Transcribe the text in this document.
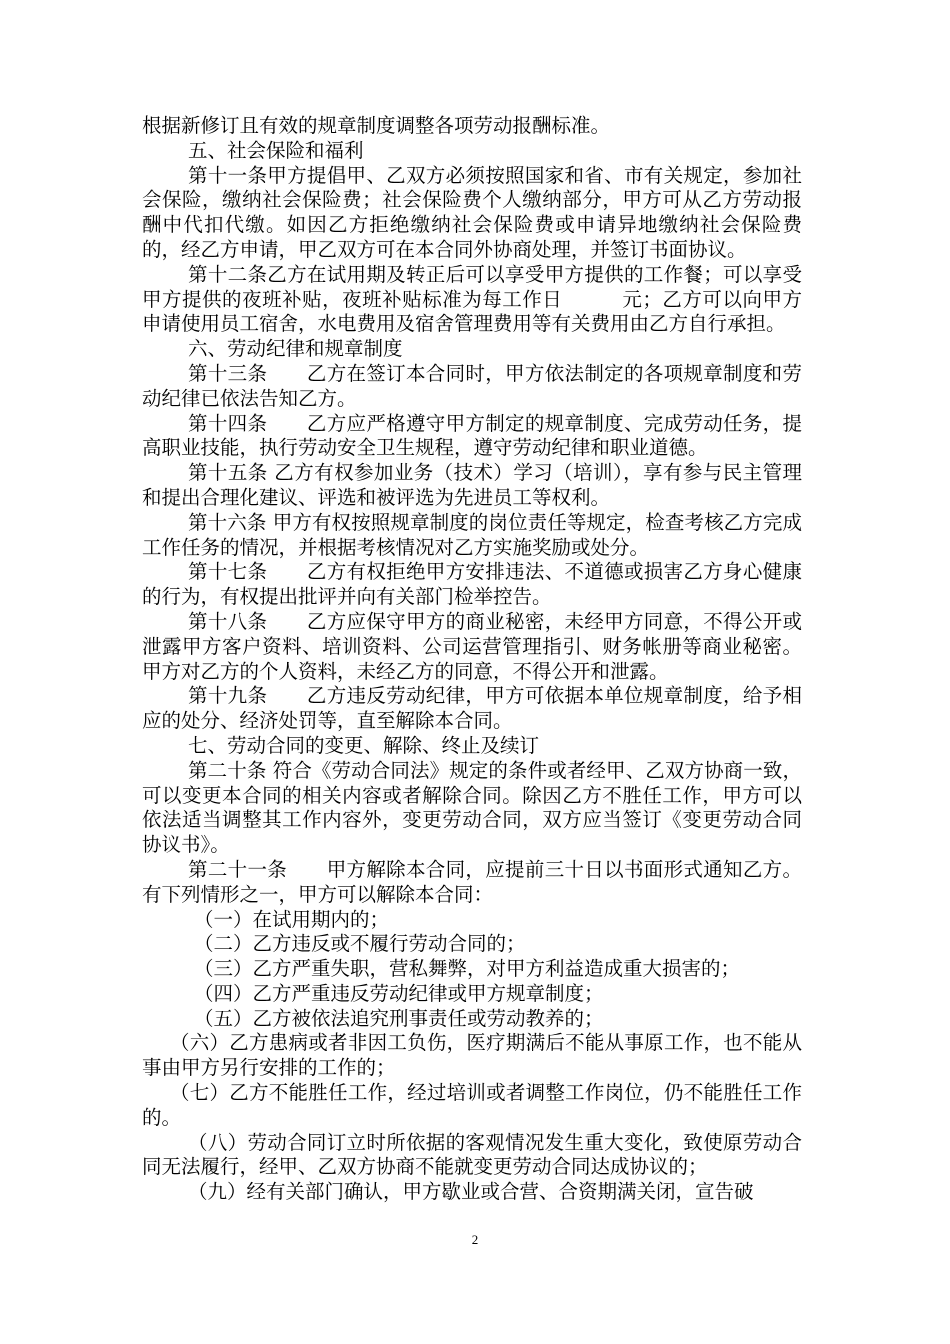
根据新修订且有效的规章制度调整各项劳动报酬标准。

五、社会保险和福利

第十一条甲方提倡甲、乙双方必须按照国家和省、市有关规定，参加社会保险，缴纳社会保险费；社会保险费个人缴纳部分，甲方可从乙方劳动报酬中代扣代缴。如因乙方拒绝缴纳社会保险费或申请异地缴纳社会保险费的，经乙方申请，甲乙双方可在本合同外协商处理，并签订书面协议。

第十二条乙方在试用期及转正后可以享受甲方提供的工作餐；可以享受甲方提供的夜班补贴，夜班补贴标准为每工作日　　　元；乙方可以向甲方申请使用员工宿舍，水电费用及宿舍管理费用等有关费用由乙方自行承担。

六、劳动纪律和规章制度

第十三条　　乙方在签订本合同时，甲方依法制定的各项规章制度和劳动纪律已依法告知乙方。

第十四条　　乙方应严格遵守甲方制定的规章制度、完成劳动任务，提高职业技能，执行劳动安全卫生规程，遵守劳动纪律和职业道德。

第十五条 乙方有权参加业务（技术）学习（培训），享有参与民主管理和提出合理化建议、评选和被评选为先进员工等权利。

第十六条 甲方有权按照规章制度的岗位责任等规定，检查考核乙方完成工作任务的情况，并根据考核情况对乙方实施奖励或处分。

第十七条　　乙方有权拒绝甲方安排违法、不道德或损害乙方身心健康的行为，有权提出批评并向有关部门检举控告。

第十八条　　乙方应保守甲方的商业秘密，未经甲方同意，不得公开或泄露甲方客户资料、培训资料、公司运营管理指引、财务帐册等商业秘密。甲方对乙方的个人资料，未经乙方的同意，不得公开和泄露。

第十九条　　乙方违反劳动纪律，甲方可依据本单位规章制度，给予相应的处分、经济处罚等，直至解除本合同。

七、劳动合同的变更、解除、终止及续订

第二十条 符合《劳动合同法》规定的条件或者经甲、乙双方协商一致，可以变更本合同的相关内容或者解除合同。除因乙方不胜任工作，甲方可以依法适当调整其工作内容外，变更劳动合同，双方应当签订《变更劳动合同协议书》。

第二十一条　　甲方解除本合同，应提前三十日以书面形式通知乙方。有下列情形之一，甲方可以解除本合同：

（一）在试用期内的；

（二）乙方违反或不履行劳动合同的；

（三）乙方严重失职，营私舞弊，对甲方利益造成重大损害的；

（四）乙方严重违反劳动纪律或甲方规章制度；

（五）乙方被依法追究刑事责任或劳动教养的；

（六）乙方患病或者非因工负伤，医疗期满后不能从事原工作，也不能从事由甲方另行安排的工作的；

（七）乙方不能胜任工作，经过培训或者调整工作岗位，仍不能胜任工作的。

（八）劳动合同订立时所依据的客观情况发生重大变化，致使原劳动合同无法履行，经甲、乙双方协商不能就变更劳动合同达成协议的；

（九）经有关部门确认，甲方歇业或合营、合资期满关闭，宣告破

2
